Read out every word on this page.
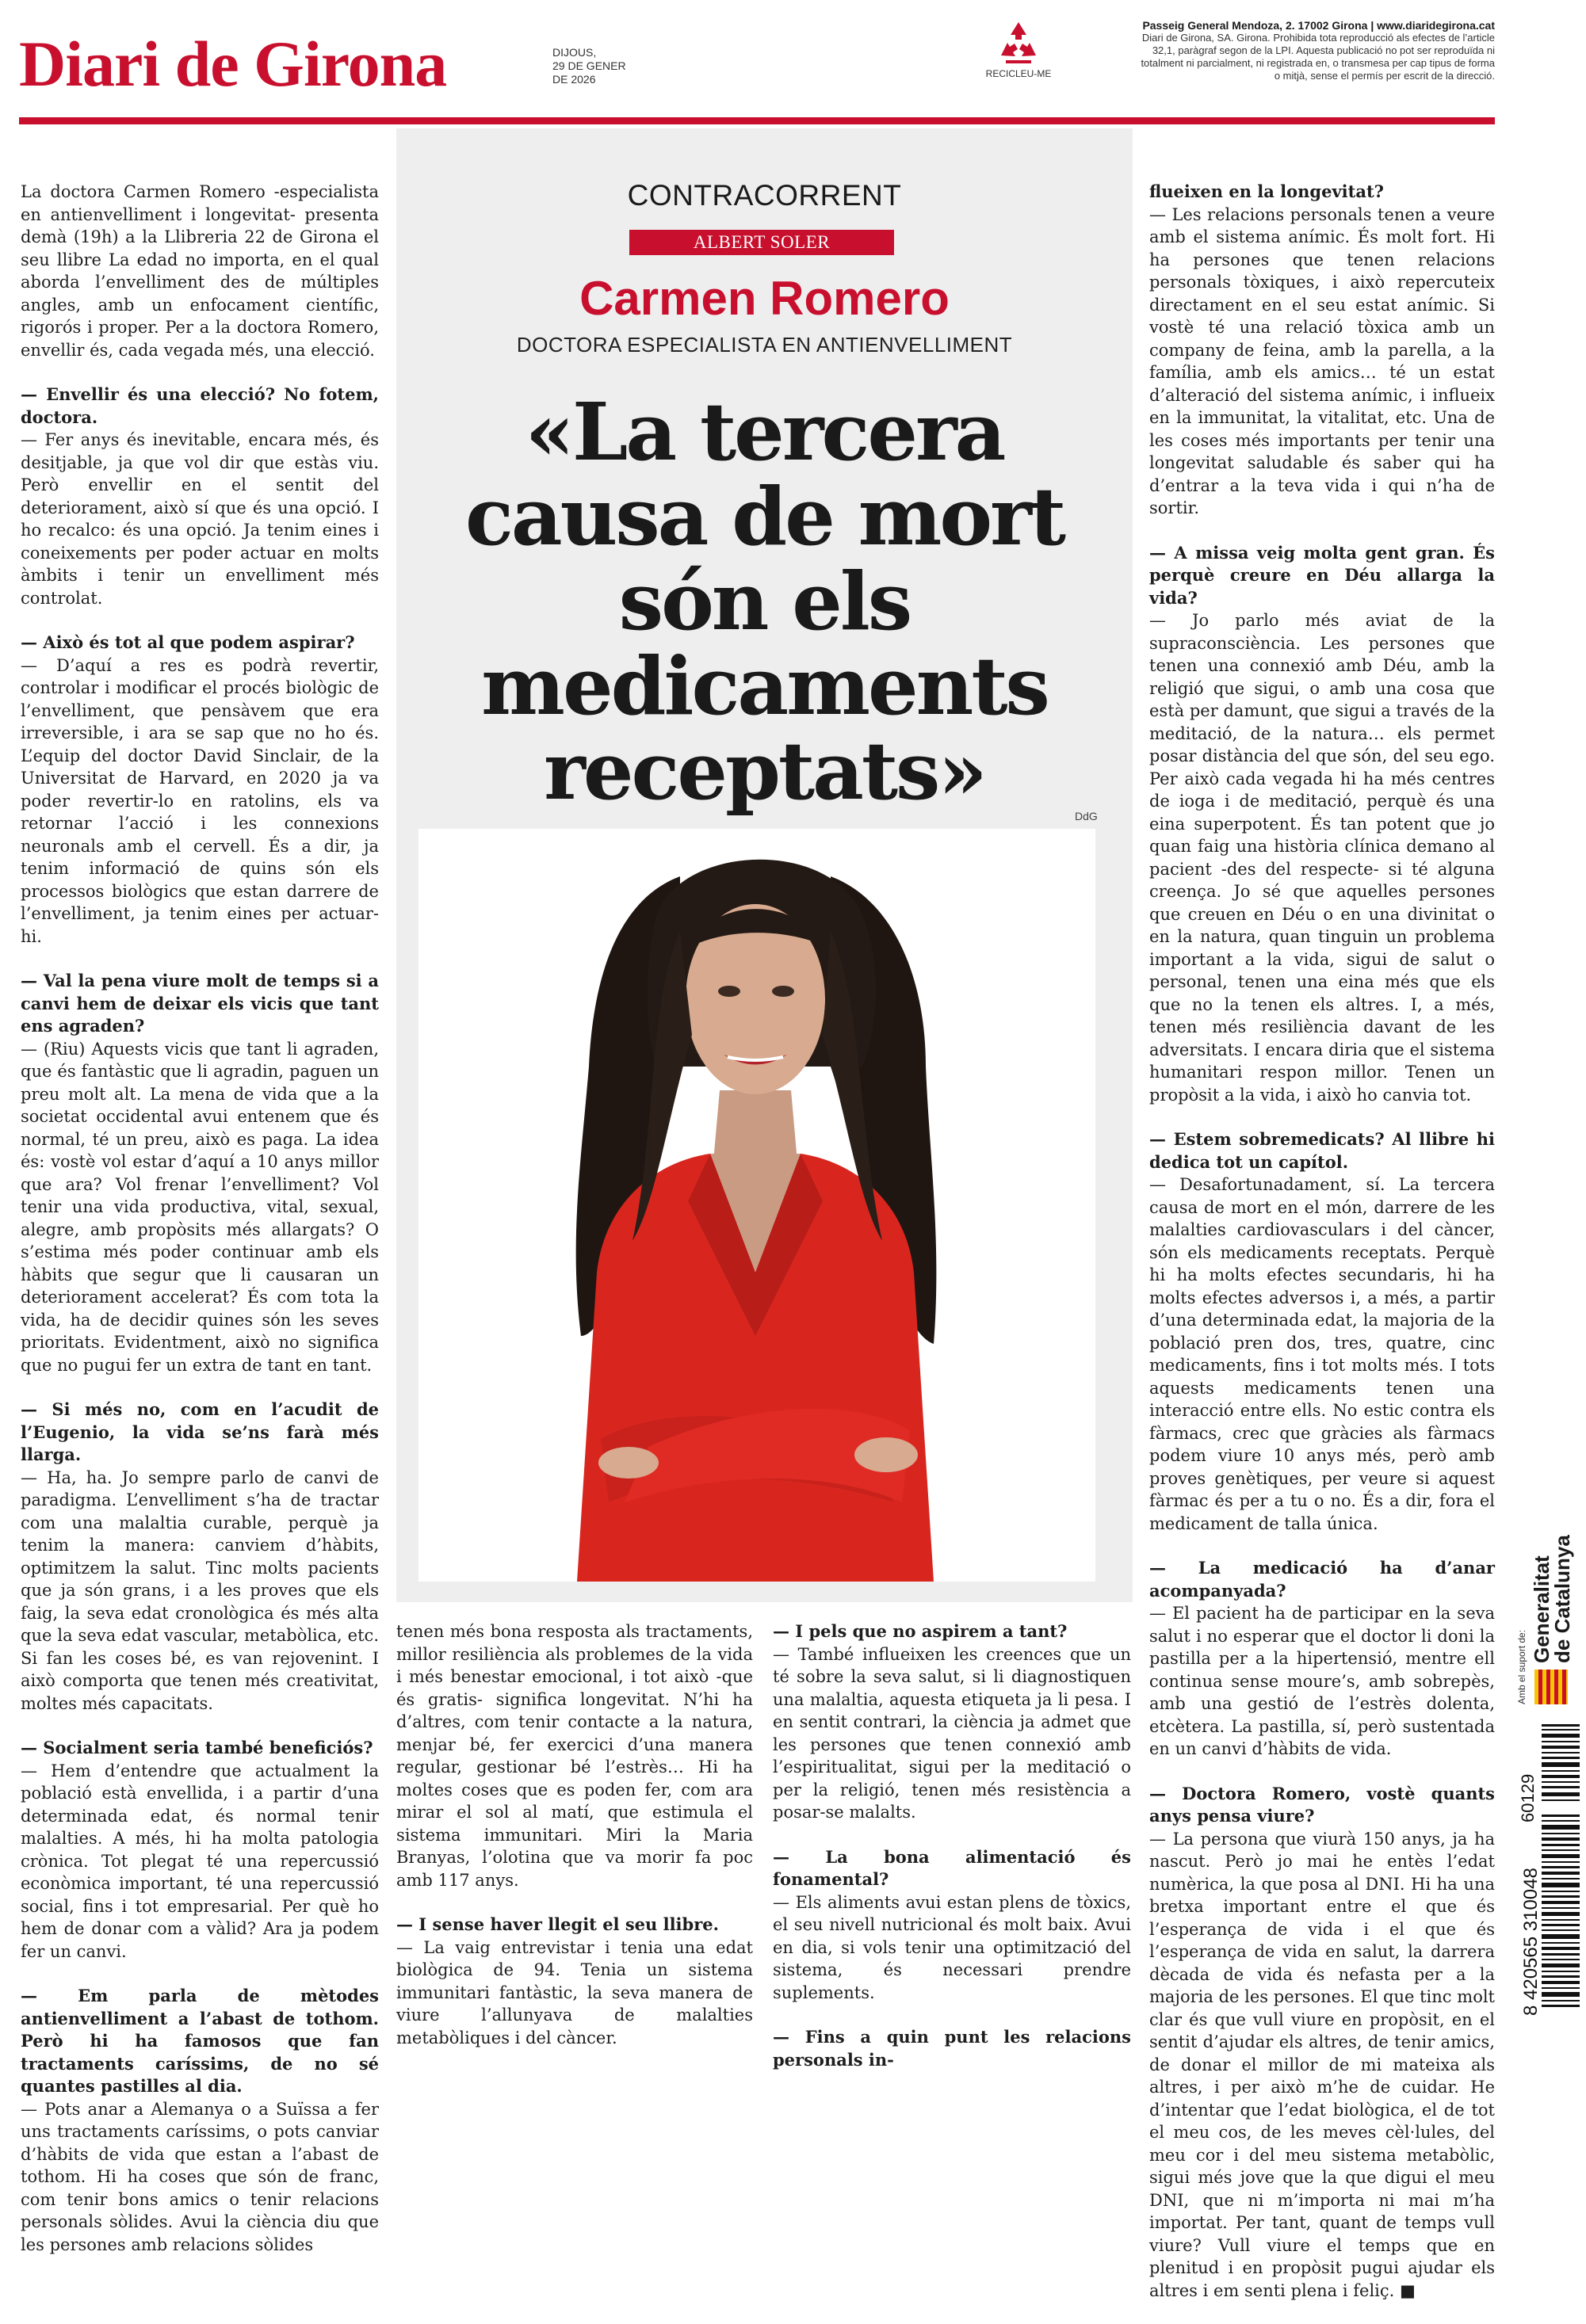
Diari de Girona	DIJOUS,
29 DE GENER
DE 2026	RECICLEU-ME
Passeig General Mendoza, 2. 17002 Girona | www.diaridegirona.cat
Diari de Girona, SA. Girona. Prohibida tota reproducció als efectes de l’article
32,1, paràgraf segon de la LPI. Aquesta publicació no pot ser reproduïda ni
totalment ni parcialment, ni registrada en, o transmesa per cap tipus de forma
o mitjà, sense el permís per escrit de la direcció.
CONTRACORRENT
ALBERT SOLER
Carmen Romero
DOCTORA ESPECIALISTA EN ANTIENVELLIMENT
«La tercera causa de mort són els medicaments receptats»	DdG

La doctora Carmen Romero -especialista en antienvelliment i longevitat- presenta demà (19h) a la Llibreria 22 de Girona el seu llibre La edad no importa, en el qual aborda l’envelliment des de múltiples angles, amb un enfocament científic, rigorós i proper. Per a la doctora Romero, envellir és, cada vegada més, una elecció.

— Envellir és una elecció? No fotem, doctora.

— Fer anys és inevitable, encara més, és desitjable, ja que vol dir que estàs viu. Però envellir en el sentit del deteriorament, això sí que és una opció. I ho recalco: és una opció. Ja tenim eines i coneixements per poder actuar en molts àmbits i tenir un envelliment més controlat.

— Això és tot al que podem aspirar?

— D’aquí a res es podrà revertir, controlar i modificar el procés biològic de l’envelliment, que pensàvem que era irreversible, i ara se sap que no ho és. L’equip del doctor David Sinclair, de la Universitat de Harvard, en 2020 ja va poder revertir-lo en ratolins, els va retornar l’acció i les connexions neuronals amb el cervell. És a dir, ja tenim informació de quins són els processos biològics que estan darrere de l’envelliment, ja tenim eines per actuar-hi.

— Val la pena viure molt de temps si a canvi hem de deixar els vicis que tant ens agraden?

— (Riu) Aquests vicis que tant li agraden, que és fantàstic que li agradin, paguen un preu molt alt. La mena de vida que a la societat occidental avui entenem que és normal, té un preu, això es paga. La idea és: vostè vol estar d’aquí a 10 anys millor que ara? Vol frenar l’envelliment? Vol tenir una vida productiva, vital, sexual, alegre, amb propòsits més allargats? O s’estima més poder continuar amb els hàbits que segur que li causaran un deteriorament accelerat? És com tota la vida, ha de decidir quines són les seves prioritats. Evidentment, això no significa que no pugui fer un extra de tant en tant.

— Si més no, com en l’acudit de l’Eugenio, la vida se’ns farà més llarga.

— Ha, ha. Jo sempre parlo de canvi de paradigma. L’envelliment s’ha de tractar com una malaltia curable, perquè ja tenim la manera: canviem d’hàbits, optimitzem la salut. Tinc molts pacients que ja són grans, i a les proves que els faig, la seva edat cronològica és més alta que la seva edat vascular, metabòlica, etc. Si fan les coses bé, es van rejovenint. I això comporta que tenen més creativitat, moltes més capacitats.

— Socialment seria també beneficiós?

— Hem d’entendre que actualment la població està envellida, i a partir d’una determinada edat, és normal tenir malalties. A més, hi ha molta patologia crònica. Tot plegat té una repercussió econòmica important, té una repercussió social, fins i tot empresarial. Per què ho hem de donar com a vàlid? Ara ja podem fer un canvi.

— Em parla de mètodes antienvelliment a l’abast de tothom. Però hi ha famosos que fan tractaments caríssims, de no sé quantes pastilles al dia.

— Pots anar a Alemanya o a Suïssa a fer uns tractaments caríssims, o pots canviar d’hàbits de vida que estan a l’abast de tothom. Hi ha coses que són de franc, com tenir bons amics o tenir relacions personals sòlides. Avui la ciència diu que les persones amb relacions sòlides

tenen més bona resposta als tractaments, millor resiliència als problemes de la vida i més benestar emocional, i tot això -que és gratis- significa longevitat. N’hi ha d’altres, com tenir contacte a la natura, menjar bé, fer exercici d’una manera regular, gestionar bé l’estrès… Hi ha moltes coses que es poden fer, com ara mirar el sol al matí, que estimula el sistema immunitari. Miri la Maria Branyas, l’olotina que va morir fa poc amb 117 anys.

— I sense haver llegit el seu llibre.

— La vaig entrevistar i tenia una edat biològica de 94. Tenia un sistema immunitari fantàstic, la seva manera de viure l’allunyava de malalties metabòliques i del càncer.

— I pels que no aspirem a tant?

— També influeixen les creences que un té sobre la seva salut, si li diagnostiquen una malaltia, aquesta etiqueta ja li pesa. I en sentit contrari, la ciència ja admet que les persones que tenen connexió amb l’espiritualitat, sigui per la meditació o per la religió, tenen més resistència a posar-se malalts.

— La bona alimentació és fonamental?

— Els aliments avui estan plens de tòxics, el seu nivell nutricional és molt baix. Avui en dia, si vols tenir una optimització del sistema, és necessari prendre suplements.

— Fins a quin punt les relacions personals in-

flueixen en la longevitat?

— Les relacions personals tenen a veure amb el sistema anímic. És molt fort. Hi ha persones que tenen relacions personals tòxiques, i això repercuteix directament en el seu estat anímic. Si vostè té una relació tòxica amb un company de feina, amb la parella, a la família, amb els amics… té un estat d’alteració del sistema anímic, i influeix en la immunitat, la vitalitat, etc. Una de les coses més importants per tenir una longevitat saludable és saber qui ha d’entrar a la teva vida i qui n’ha de sortir.

— A missa veig molta gent gran. És perquè creure en Déu allarga la vida?

— Jo parlo més aviat de la supraconsciència. Les persones que tenen una connexió amb Déu, amb la religió que sigui, o amb una cosa que està per damunt, que sigui a través de la meditació, de la natura… els permet posar distància del que són, del seu ego. Per això cada vegada hi ha més centres de ioga i de meditació, perquè és una eina superpotent. És tan potent que jo quan faig una història clínica demano al pacient -des del respecte- si té alguna creença. Jo sé que aquelles persones que creuen en Déu o en una divinitat o en la natura, quan tinguin un problema important a la vida, sigui de salut o personal, tenen una eina més que els que no la tenen els altres. I, a més, tenen més resiliència davant de les adversitats. I encara diria que el sistema humanitari respon millor. Tenen un propòsit a la vida, i això ho canvia tot.

— Estem sobremedicats? Al llibre hi dedica tot un capítol.

— Desafortunadament, sí. La tercera causa de mort en el món, darrere de les malalties cardiovasculars i del càncer, són els medicaments receptats. Perquè hi ha molts efectes secundaris, hi ha molts efectes adversos i, a més, a partir d’una determinada edat, la majoria de la població pren dos, tres, quatre, cinc medicaments, fins i tot molts més. I tots aquests medicaments tenen una interacció entre ells. No estic contra els fàrmacs, crec que gràcies als fàrmacs podem viure 10 anys més, però amb proves genètiques, per veure si aquest fàrmac és per a tu o no. És a dir, fora el medicament de talla única.

— La medicació ha d’anar acompanyada?

— El pacient ha de participar en la seva salut i no esperar que el doctor li doni la pastilla per a la hipertensió, mentre ell continua sense moure’s, amb sobrepès, amb una gestió de l’estrès dolenta, etcètera. La pastilla, sí, però sustentada en un canvi d’hàbits de vida.

— Doctora Romero, vostè quants anys pensa viure?

— La persona que viurà 150 anys, ja ha nascut. Però jo mai he entès l’edat numèrica, la que posa al DNI. Hi ha una bretxa important entre el que és l’esperança de vida i el que és l’esperança de vida en salut, la darrera dècada de vida és nefasta per a la majoria de les persones. El que tinc molt clar és que vull viure en propòsit, en el sentit d’ajudar els altres, de tenir amics, de donar el millor de mi mateixa als altres, i per això m’he de cuidar. He d’intentar que l’edat biològica, el de tot el meu cos, de les meves cèl·lules, del meu cor i del meu sistema metabòlic, sigui més jove que la que digui el meu DNI, que ni m’importa ni mai m’ha importat. Per tant, quant de temps vull viure? Vull viure el temps que en plenitud i en propòsit pugui ajudar els altres i em senti plena i feliç. ■

Amb el suport de:
Generalitat
de Catalunya
8 420565 310048
60129
